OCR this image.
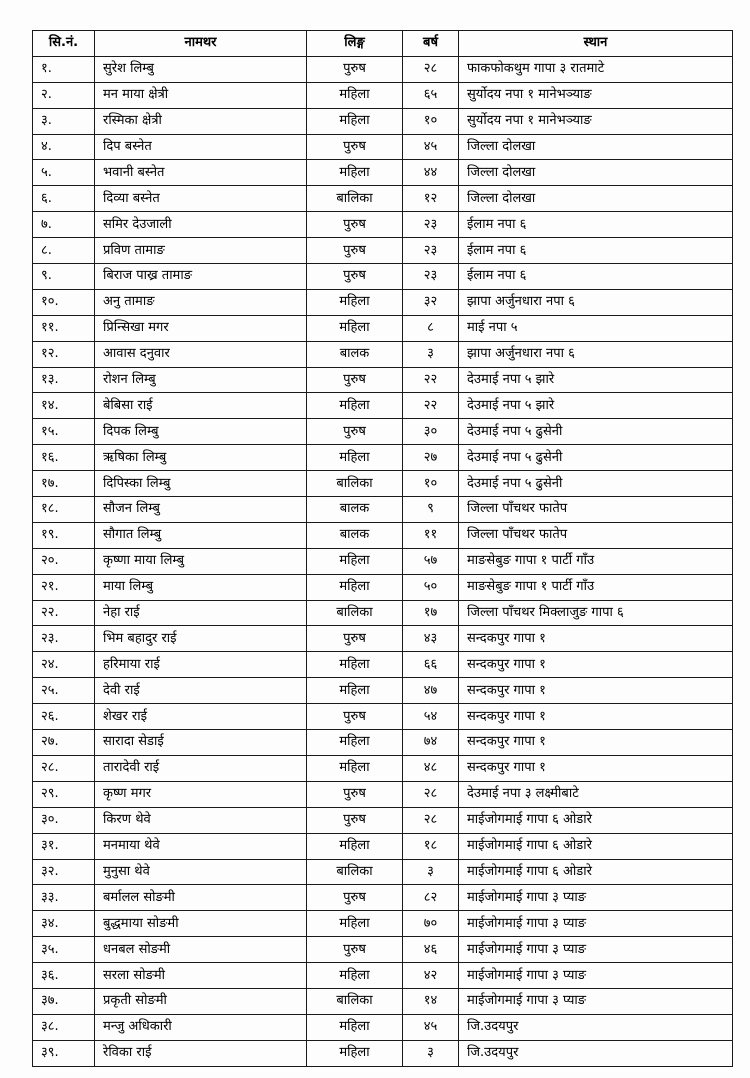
सि.नं.	नामथर	लिङ्ग	बर्ष	स्थान
१.	सुरेश लिम्बु	पुरुष	२८	फाकफोकथुम गापा ३ रातमाटे
२.	मन माया क्षेत्री	महिला	६५	सुर्योदय नपा १ मानेभञ्याङ
३.	रस्मिका क्षेत्री	महिला	१०	सुर्योदय नपा १ मानेभञ्याङ
४.	दिप बस्नेत	पुरुष	४५	जिल्ला दोलखा
५.	भवानी बस्नेत	महिला	४४	जिल्ला दोलखा
६.	दिव्या बस्नेत	बालिका	१२	जिल्ला दोलखा
७.	समिर देउजाली	पुरुष	२३	ईलाम नपा ६
८.	प्रविण तामाङ	पुरुष	२३	ईलाम नपा ६
९.	बिराज पाख्र तामाङ	पुरुष	२३	ईलाम नपा ६
१०.	अनु तामाङ	महिला	३२	झापा अर्जुनधारा नपा ६
११.	प्रिन्सिखा मगर	महिला	८	माई नपा ५
१२.	आवास दनुवार	बालक	३	झापा अर्जुनधारा नपा ६
१३.	रोशन लिम्बु	पुरुष	२२	देउमाई नपा ५ झारे
१४.	बेबिसा राई	महिला	२२	देउमाई नपा ५ झारे
१५.	दिपक लिम्बु	पुरुष	३०	देउमाई नपा ५ ढुसेनी
१६.	ऋषिका लिम्बु	महिला	२७	देउमाई नपा ५ ढुसेनी
१७.	दिपिस्का लिम्बु	बालिका	१०	देउमाई नपा ५ ढुसेनी
१८.	सौजन लिम्बु	बालक	९	जिल्ला पाँचथर फातेप
१९.	सौगात लिम्बु	बालक	११	जिल्ला पाँचथर फातेप
२०.	कृष्णा माया लिम्बु	महिला	५७	माङसेबुङ गापा १ पार्टी गाँउ
२१.	माया लिम्बु	महिला	५०	माङसेबुङ गापा १ पार्टी गाँउ
२२.	नेहा राई	बालिका	१७	जिल्ला पाँचथर मिक्लाजुङ गापा ६
२३.	भिम बहादुर राई	पुरुष	४३	सन्दकपुर गापा १
२४.	हरिमाया राई	महिला	६६	सन्दकपुर गापा १
२५.	देवी राई	महिला	४७	सन्दकपुर गापा १
२६.	शेखर राई	पुरुष	५४	सन्दकपुर गापा १
२७.	सारादा सेडाई	महिला	७४	सन्दकपुर गापा १
२८.	तारादेवी राई	महिला	४८	सन्दकपुर गापा १
२९.	कृष्ण मगर	पुरुष	२८	देउमाई नपा ३ लक्ष्मीबाटे
३०.	किरण थेवे	पुरुष	२८	माईजोगमाई गापा ६ ओडारे
३१.	मनमाया थेवे	महिला	१८	माईजोगमाई गापा ६ ओडारे
३२.	मुनुसा थेवे	बालिका	३	माईजोगमाई गापा ६ ओडारे
३३.	बर्मालल सोङमी	पुरुष	८२	माईजोगमाई गापा ३ प्याङ
३४.	बुद्धमाया सोङमी	महिला	७०	माईजोगमाई गापा ३ प्याङ
३५.	धनबल सोङमी	पुरुष	४६	माईजोगमाई गापा ३ प्याङ
३६.	सरला सोङमी	महिला	४२	माईजोगमाई गापा ३ प्याङ
३७.	प्रकृती सोङमी	बालिका	१४	माईजोगमाई गापा ३ प्याङ
३८.	मन्जु अधिकारी	महिला	४५	जि.उदयपुर
३९.	रेविका राई	महिला	३	जि.उदयपुर
